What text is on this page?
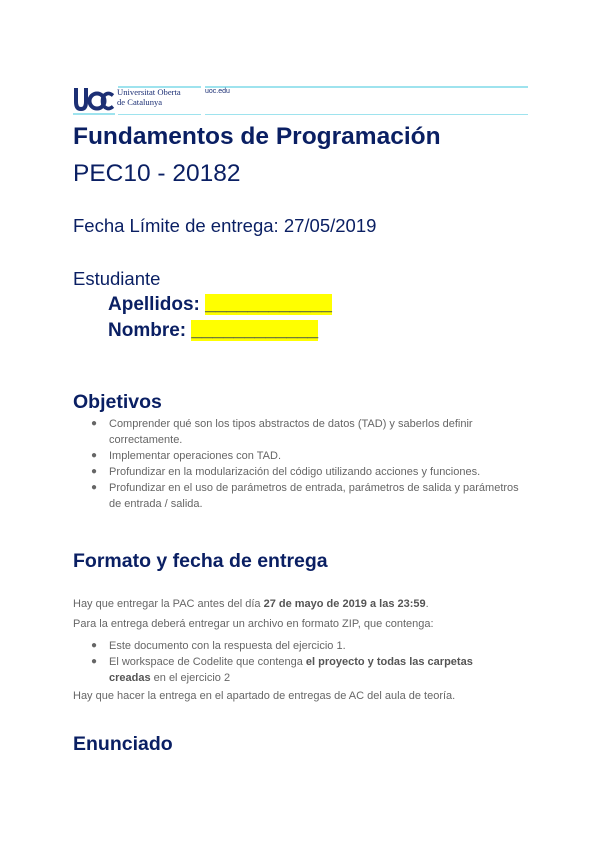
Universitat Oberta
de Catalunya
uoc.edu
Fundamentos de Programación
PEC10 - 20182
Fecha Límite de entrega: 27/05/2019
Estudiante
Apellidos: ____________
Nombre: ____________
Objetivos
● Comprender qué son los tipos abstractos de datos (TAD) y saberlos definir correctamente.
● Implementar operaciones con TAD.
● Profundizar en la modularización del código utilizando acciones y funciones.
● Profundizar en el uso de parámetros de entrada, parámetros de salida y parámetros de entrada / salida.
Formato y fecha de entrega
Hay que entregar la PAC antes del día 27 de mayo de 2019 a las 23:59.
Para la entrega deberá entregar un archivo en formato ZIP, que contenga:
● Este documento con la respuesta del ejercicio 1.
● El workspace de Codelite que contenga el proyecto y todas las carpetas
creadas en el ejercicio 2
Hay que hacer la entrega en el apartado de entregas de AC del aula de teoría.
Enunciado
